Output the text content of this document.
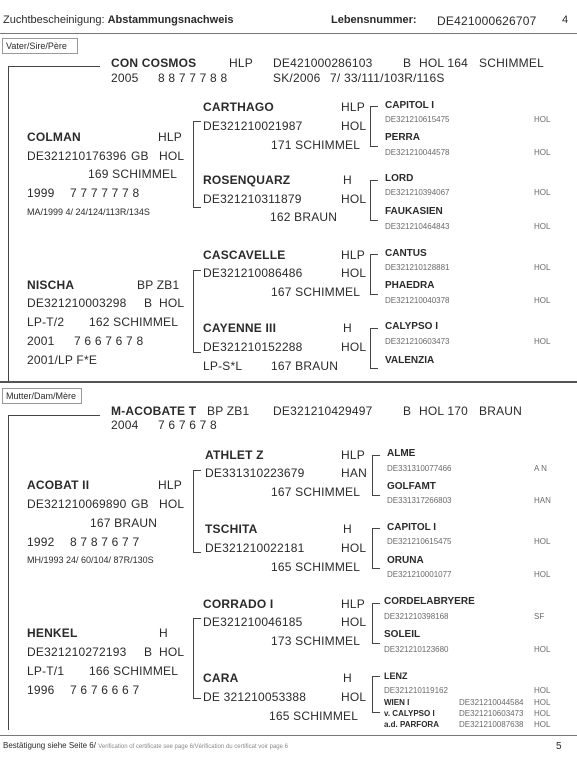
Zuchtbescheinigung: Abstammungsnachweis	Lebensnummer: DE421000626707 4
Vater/Sire/Père
CON COSMOS	HLP DE421000286103	B HOL 164 SCHIMMEL
2005 8 8 7 7 7 8 8	SK/2006 7/ 33/111/103R/116S
COLMAN	HLP
DE321210176396 GB HOL
169 SCHIMMEL
1999 7 7 7 7 7 7 8
MA/1999 4/ 24/124/113R/134S
CARTHAGO	HLP
DE321210021987	HOL
171 SCHIMMEL
CAPITOL I
DE321210615475	HOL
PERRA
DE321210044578	HOL
ROSENQUARZ	H
DE321210311879	HOL
162 BRAUN
LORD
DE321210394067	HOL
FAUKASIEN
DE321210464843	HOL
NISCHA	BP ZB1
DE321210003298 B HOL
LP-T/2 162 SCHIMMEL
2001 7 6 6 7 6 7 8
2001/LP F*E
CASCAVELLE	HLP
DE321210086486	HOL
167 SCHIMMEL
CANTUS
DE321210128881	HOL
PHAEDRA
DE321210040378	HOL
CAYENNE III	H
DE321210152288	HOL
LP-S*L 167 BRAUN
CALYPSO I
DE321210603473	HOL
VALENZIA
Mutter/Dam/Mère
M-ACOBATE T BP ZB1 DE321210429497	B HOL 170 BRAUN
2004 7 6 7 6 7 8
ACOBAT II	HLP
DE321210069890 GB HOL
167 BRAUN
1992 8 7 8 7 6 7 7
MH/1993 24/ 60/104/ 87R/130S
ATHLET Z	HLP
DE331310223679	HAN
167 SCHIMMEL
ALME
DE331310077466	A N
GOLFAMT
DE331317266803	HAN
TSCHITA	H
DE321210022181	HOL
165 SCHIMMEL
CAPITOL I
DE321210615475	HOL
ORUNA
DE321210001077	HOL
HENKEL	H
DE321210272193 B HOL
LP-T/1 166 SCHIMMEL
1996 7 6 7 6 6 6 7
CORRADO I	HLP
DE321210046185	HOL
173 SCHIMMEL
CORDELABRYERE
DE321210398168	SF
SOLEIL
DE321210123680	HOL
CARA	H
DE 321210053388	HOL
165 SCHIMMEL
LENZ
DE321210119162	HOL
WIEN I	DE321210044584 HOL
v. CALYPSO I	DE321210603473 HOL
a.d. PARFORA	DE321210087638 HOL
Bestätigung siehe Seite 6/ Verification of certificate see page 6/Vérification du certificat voir page 6	5
